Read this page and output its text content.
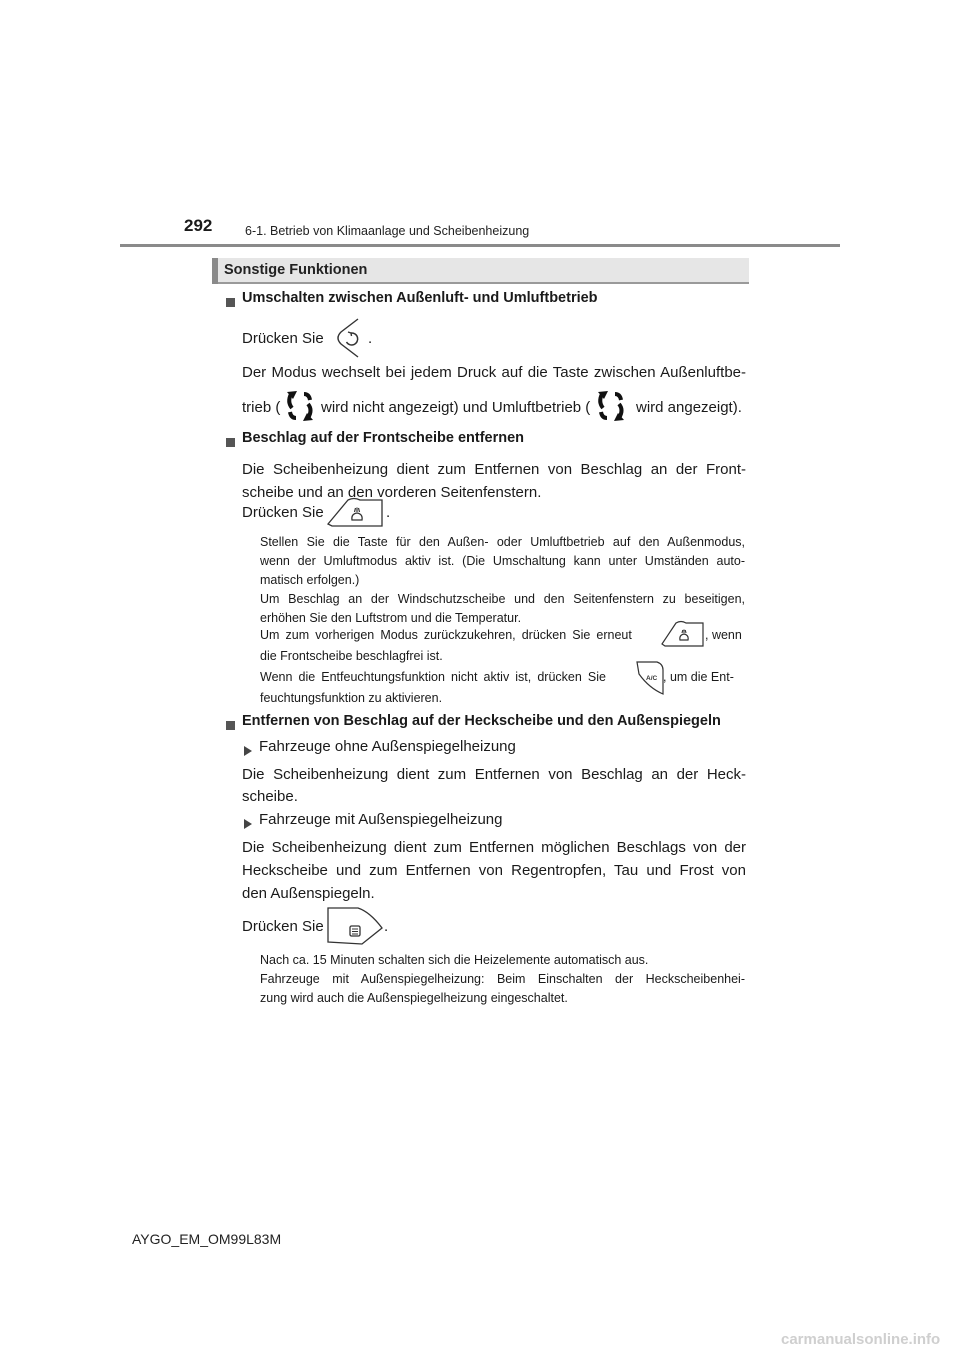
292	6-1. Betrieb von Klimaanlage und Scheibenheizung
Sonstige Funktionen
Umschalten zwischen Außenluft- und Umluftbetrieb
Drücken Sie	.
Der Modus wechselt bei jedem Druck auf die Taste zwischen Außenluftbe-
trieb (	wird nicht angezeigt) und Umluftbetrieb (	wird angezeigt).
Beschlag auf der Frontscheibe entfernen
Die Scheibenheizung dient zum Entfernen von Beschlag an der Front-
scheibe und an den vorderen Seitenfenstern.
Drücken Sie	.
Stellen Sie die Taste für den Außen- oder Umluftbetrieb auf den Außenmodus,
wenn der Umluftmodus aktiv ist. (Die Umschaltung kann unter Umständen auto-
matisch erfolgen.)
Um Beschlag an der Windschutzscheibe und den Seitenfenstern zu beseitigen,
erhöhen Sie den Luftstrom und die Temperatur.
Um zum vorherigen Modus zurückzukehren, drücken Sie erneut	, wenn
die Frontscheibe beschlagfrei ist.
Wenn die Entfeuchtungsfunktion nicht aktiv ist, drücken Sie	A/C , um die Ent-
feuchtungsfunktion zu aktivieren.
Entfernen von Beschlag auf der Heckscheibe und den Außenspiegeln
Fahrzeuge ohne Außenspiegelheizung
Die Scheibenheizung dient zum Entfernen von Beschlag an der Heck-
scheibe.
Fahrzeuge mit Außenspiegelheizung
Die Scheibenheizung dient zum Entfernen möglichen Beschlags von der
Heckscheibe und zum Entfernen von Regentropfen, Tau und Frost von
den Außenspiegeln.
Drücken Sie	.
Nach ca. 15 Minuten schalten sich die Heizelemente automatisch aus.
Fahrzeuge mit Außenspiegelheizung: Beim Einschalten der Heckscheibenhei-
zung wird auch die Außenspiegelheizung eingeschaltet.
AYGO_EM_OM99L83M
carmanualsonline.info
